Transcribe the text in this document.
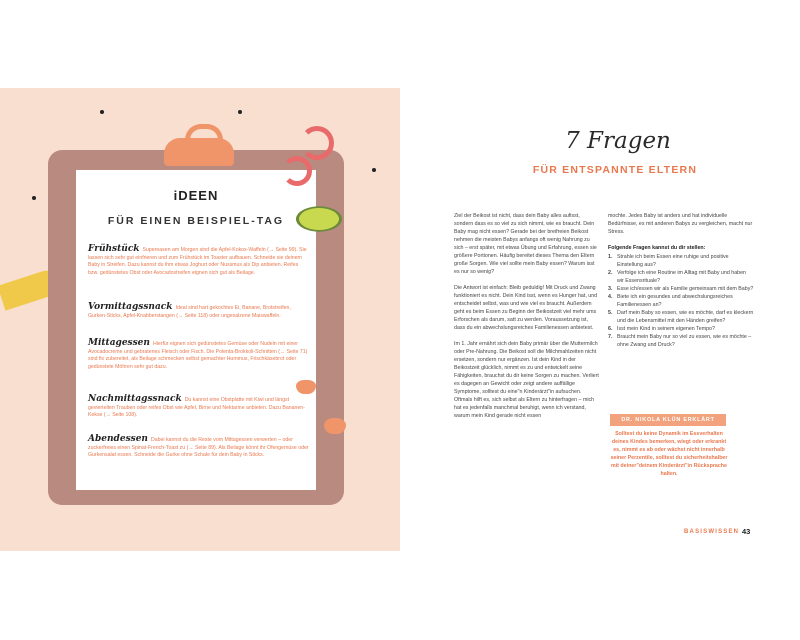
iDEEN
FÜR EINEN BEISPIEL-TAG
Frühstück Supereasen am Morgen sind die Apfel-Kokos-Waffeln (→ Seite 99). Sie lassen sich sehr gut einfrieren und zum Frühstück im Toaster aufbauen. Schneide sie deinem Baby in Streifen. Dazu kannst du ihm etwas Joghurt oder Nussmus als Dip anbieten. Reifes bzw. gedünstetes Obst oder Avocadostreifen eignen sich gut als Beilage.
Vormittagssnack Ideal sind hart gekochtes Ei, Banane, Brotstreifen, Gurken-Sticks, Apfel-Knabberstangen (→ Seite 118) oder ungesalzene Maiswaffeln.
Mittagessen Hierfür eignen sich gedünstetes Gemüse oder Nudeln mit einer Avocadocreme und gebratenes Fleisch oder Fisch. Die Polenta-Brokkoli-Schnitten (→ Seite 71) sind fix zubereitet, als Beilage schmecken selbst gemachter Hummus, Frischkäsebrot oder gedünstete Möhren sehr gut dazu.
Nachmittagssnack Du kannst eine Obstplatte mit Kiwi und längst geviertelten Trauben oder reifes Obst wie Apfel, Birne und Nektarine anbieten. Dazu Bananen-Kekse (→ Seite 108).
Abendessen Dabei kannst du die Reste vom Mittagessen verwerten – oder zuckerfreies einen Spinat-French-Toast zu (→ Seite 89). Als Beilage könnt ihr Ofengemüse oder Gurkensalat essen. Schneide die Gurke ohne Schale für dein Baby in Sticks.
7 Fragen
FÜR ENTSPANNTE ELTERN

Ziel der Beikost ist nicht, dass dein Baby alles aufisst, sondern dass es so viel zu sich nimmt, wie es braucht. Dein Baby mag nicht essen? Gerade bei der breifreien Beikost nehmen die meisten Babys anfangs oft wenig Nahrung zu sich – erst später, mit etwas Übung und Erfahrung, essen sie größere Portionen. Häufig bereitet dieses Thema den Eltern große Sorgen. Wie viel sollte mein Baby essen? Warum isst es nur so wenig?

Die Antwort ist einfach: Bleib geduldig! Mit Druck und Zwang funktioniert es nicht. Dein Kind isst, wenn es Hunger hat, und entscheidet selbst, was und wie viel es braucht. Außerdem geht es beim Essen zu Beginn der Beikostzeit viel mehr ums Erforschen als darum, satt zu werden. Voraussetzung ist, dass du ein abwechslungsreiches Familienessen anbietest.

Im 1. Jahr ernährt sich dein Baby primär über die Muttermilch oder Pre-Nahrung. Die Beikost soll die Milchmahlzeiten nicht ersetzen, sondern nur ergänzen. Ist dein Kind in der Beikostzeit glücklich, nimmt es zu und entwickelt seine Fähigkeiten, brauchst du dir keine Sorgen zu machen. Verliert es dagegen an Gewicht oder zeigt andere auffällige Symptome, solltest du eine"n Kinderärzt"in aufsuchen. Oftmals hilft es, sich selbst als Eltern zu hinterfragen – mich hat es jedenfalls manchmal beruhigt, wenn ich verstand, warum mein Kind gerade nicht essen

mochte. Jedes Baby ist anders und hat individuelle Bedürfnisse, es mit anderen Babys zu vergleichen, macht nur Stress.

Folgende Fragen kannst du dir stellen:
1. Strahle ich beim Essen eine ruhige und positive Einstellung aus?
2. Verfolge ich eine Routine im Alltag mit Baby und haben wir Essensrituale?
3. Esse ich/essen wir als Familie gemeinsam mit dem Baby?
4. Biete ich ein gesundes und abwechslungsreiches Familienessen an?
5. Darf mein Baby so essen, wie es möchte, darf es kleckern und die Lebensmittel mit den Händen greifen?
6. Isst mein Kind in seinem eigenen Tempo?
7. Braucht mein Baby nur so viel zu essen, wie es möchte – ohne Zwang und Druck?
DR. NIKOLA KLÜN ERKLÄRT
Solltest du keine Dynamik im Essverhalten deines Kindes bemerken, wiegt oder erkrankt es, nimmt es ab oder wächst nicht innerhalb seiner Perzentile, solltest du sicherheitshalber mit deiner"deinem Kinderärzt"in Rücksprache halten.
BASISWISSEN 43
